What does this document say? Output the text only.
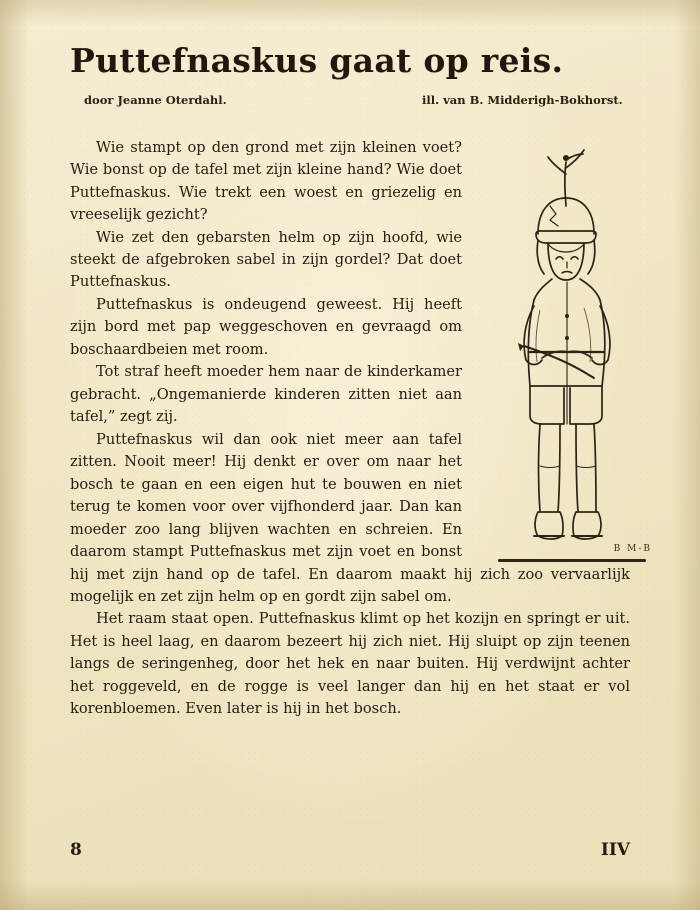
Puttefnaskus gaat op reis.
door Jeanne Oterdahl.	ill. van B. Midderigh-Bokhorst.

Wie stampt op den grond met zijn kleinen voet? Wie bonst op de tafel met zijn kleine hand? Wie doet Puttefnaskus. Wie trekt een woest en griezelig en vreeselijk gezicht?

Wie zet den gebarsten helm op zijn hoofd, wie steekt de afgebroken sabel in zijn gordel? Dat doet Puttefnaskus.

Puttefnaskus is ondeugend geweest. Hij heeft zijn bord met pap weggeschoven en gevraagd om boschaardbeien met room.

Tot straf heeft moeder hem naar de kinderkamer gebracht. „Ongemanierde kinderen zitten niet aan tafel,” zegt zij.

Puttefnaskus wil dan ook niet meer aan tafel zitten. Nooit meer! Hij denkt er over om naar het bosch te gaan en een eigen hut te bouwen en niet terug te komen voor over vijfhonderd jaar. Dan kan moeder zoo lang blijven wachten en schreien. En daarom stampt Puttefnaskus met zijn voet en bonst hij met zijn hand op de tafel. En daarom maakt hij zich zoo vervaarlijk mogelijk en zet zijn helm op en gordt zijn sabel om.

Het raam staat open. Puttefnaskus klimt op het kozijn en springt er uit. Het is heel laag, en daarom bezeert hij zich niet. Hij sluipt op zijn teenen langs de seringenheg, door het hek en naar buiten. Hij verdwijnt achter het roggeveld, en de rogge is veel langer dan hij en het staat er vol korenbloemen. Even later is hij in het bosch.

B M-B
8	IIV
